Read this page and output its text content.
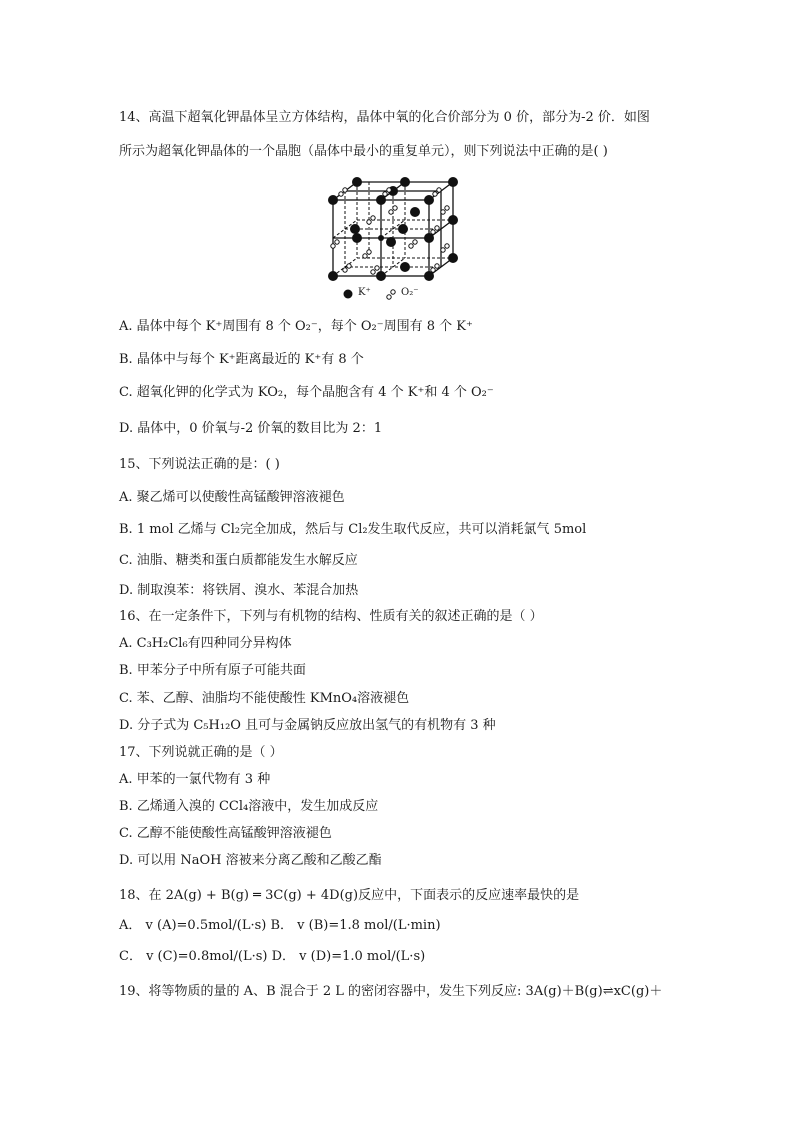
14、高温下超氧化钾晶体呈立方体结构，晶体中氧的化合价部分为 0 价，部分为-2 价．如图
所示为超氧化钾晶体的一个晶胞（晶体中最小的重复单元），则下列说法中正确的是( )
K⁺	O₂⁻
A. 晶体中每个 K⁺周围有 8 个 O₂⁻，每个 O₂⁻周围有 8 个 K⁺
B. 晶体中与每个 K⁺距离最近的 K⁺有 8 个
C. 超氧化钾的化学式为 KO₂，每个晶胞含有 4 个 K⁺和 4 个 O₂⁻
D. 晶体中，0 价氧与-2 价氧的数目比为 2：1
15、下列说法正确的是：( )
A. 聚乙烯可以使酸性高锰酸钾溶液褪色
B. 1 mol 乙烯与 Cl₂完全加成，然后与 Cl₂发生取代反应，共可以消耗氯气 5mol
C. 油脂、糖类和蛋白质都能发生水解反应
D. 制取溴苯：将铁屑、溴水、苯混合加热
16、在一定条件下，下列与有机物的结构、性质有关的叙述正确的是（ ）
A. C₃H₂Cl₆有四种同分异构体
B. 甲苯分子中所有原子可能共面
C. 苯、乙醇、油脂均不能使酸性 KMnO₄溶液褪色
D. 分子式为 C₅H₁₂O 且可与金属钠反应放出氢气的有机物有 3 种
17、下列说就正确的是（ ）
A. 甲苯的一氯代物有 3 种
B. 乙烯通入溴的 CCl₄溶液中，发生加成反应
C. 乙醇不能使酸性高锰酸钾溶液褪色
D. 可以用 NaOH 溶被来分离乙酸和乙酸乙酯
18、在 2A(g) + B(g) ═ 3C(g) + 4D(g)反应中，下面表示的反应速率最快的是
A． v (A)=0.5mol/(L·s) B． v (B)=1.8 mol/(L·min)
C． v (C)=0.8mol/(L·s) D． v (D)=1.0 mol/(L·s)
19、将等物质的量的 A、B 混合于 2 L 的密闭容器中，发生下列反应: 3A(g)＋B(g)⇌xC(g)＋
